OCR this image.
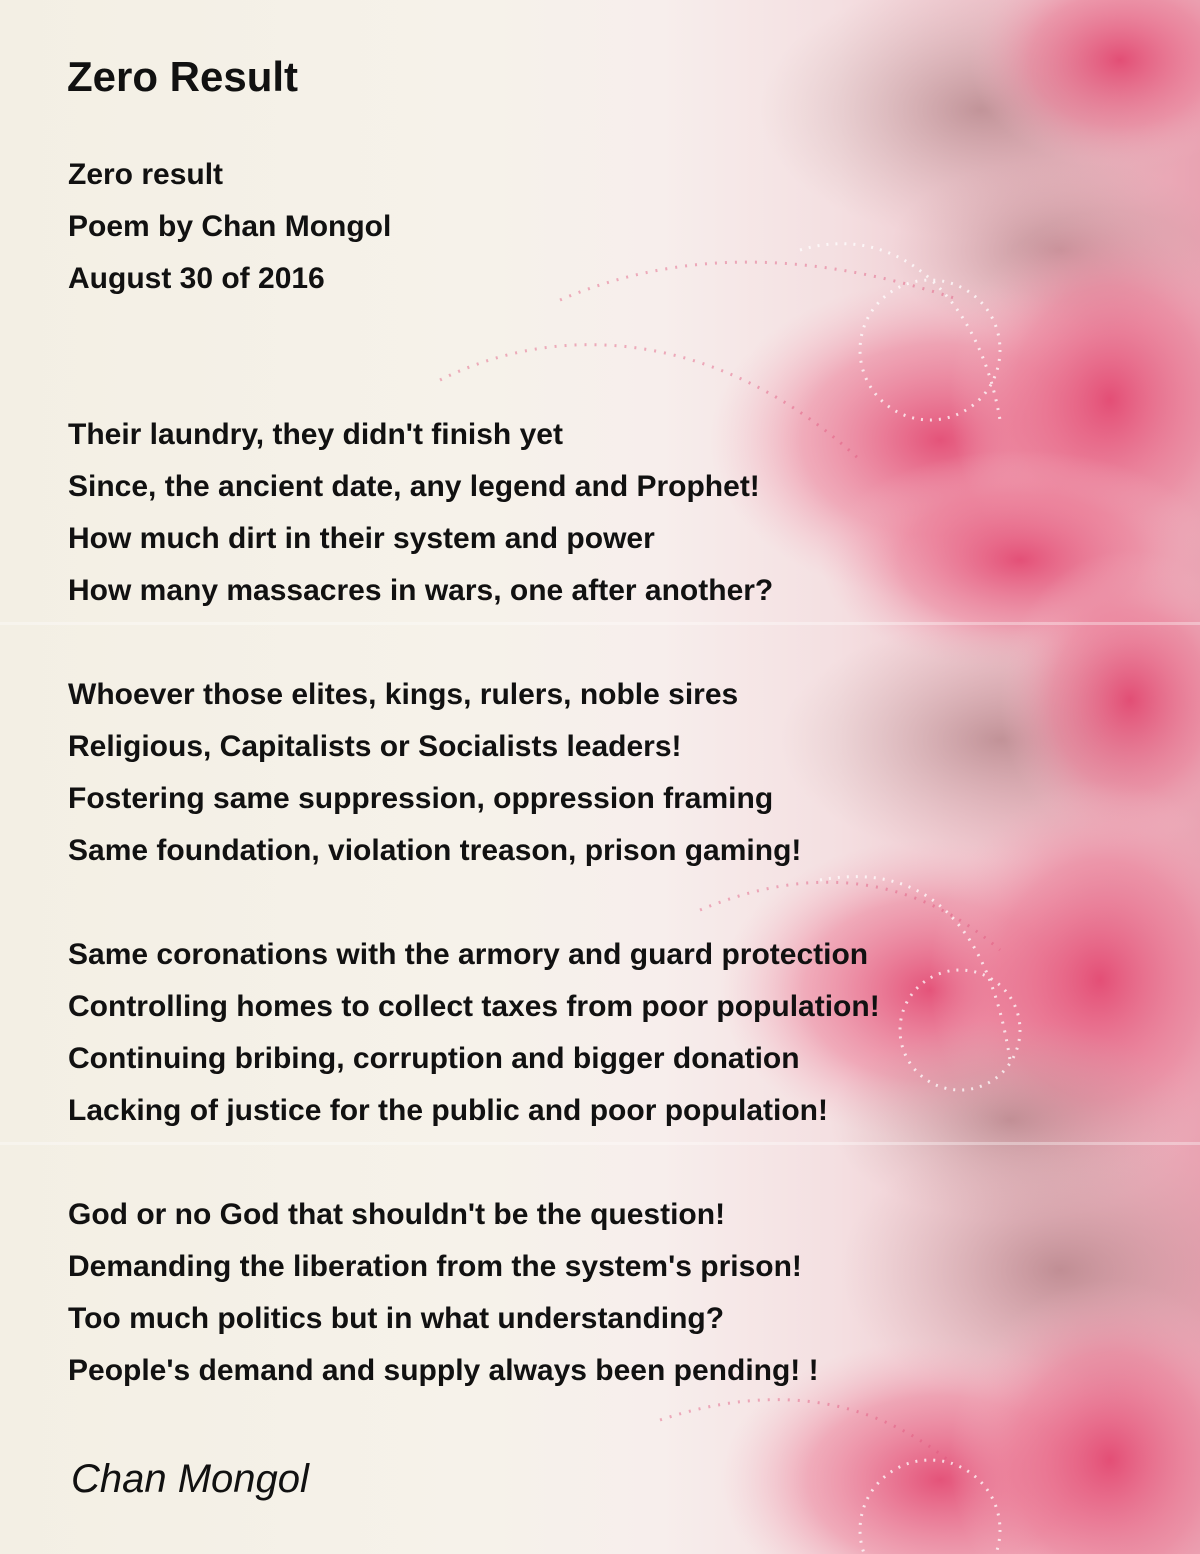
Zero Result
Zero result
Poem by Chan Mongol
August 30 of 2016
Their laundry, they didn't finish yet
Since, the ancient date, any legend and Prophet!
How much dirt in their system and power
How many massacres in wars, one after another?
Whoever those elites, kings, rulers, noble sires
Religious, Capitalists or Socialists leaders!
Fostering same suppression, oppression framing
Same foundation, violation treason, prison gaming!
Same coronations with the armory and guard protection
Controlling homes to collect taxes from poor population!
Continuing bribing, corruption and bigger donation
Lacking of justice for the public and poor population!
God or no God that shouldn't be the question!
Demanding the liberation from the system's prison!
Too much politics but in what understanding?
People's demand and supply always been pending! !
Chan Mongol
